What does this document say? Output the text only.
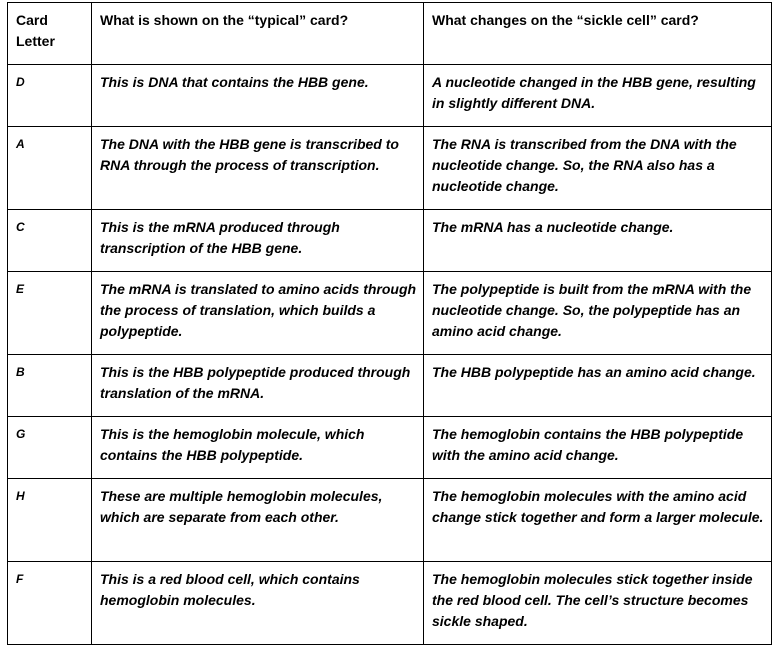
Card Letter	What is shown on the “typical” card?	What changes on the “sickle cell” card?
D	This is DNA that contains the HBB gene.	A nucleotide changed in the HBB gene, resulting in slightly different DNA.
A	The DNA with the HBB gene is transcribed to RNA through the process of transcription.	The RNA is transcribed from the DNA with the nucleotide change. So, the RNA also has a nucleotide change.
C	This is the mRNA produced through transcription of the HBB gene.	The mRNA has a nucleotide change.
E	The mRNA is translated to amino acids through the process of translation, which builds a polypeptide.	The polypeptide is built from the mRNA with the nucleotide change. So, the polypeptide has an amino acid change.
B	This is the HBB polypeptide produced through translation of the mRNA.	The HBB polypeptide has an amino acid change.
G	This is the hemoglobin molecule, which contains the HBB polypeptide.	The hemoglobin contains the HBB polypeptide with the amino acid change.
H	These are multiple hemoglobin molecules, which are separate from each other.	The hemoglobin molecules with the amino acid change stick together and form a larger molecule.
F	This is a red blood cell, which contains hemoglobin molecules.	The hemoglobin molecules stick together inside the red blood cell. The cell’s structure becomes sickle shaped.
